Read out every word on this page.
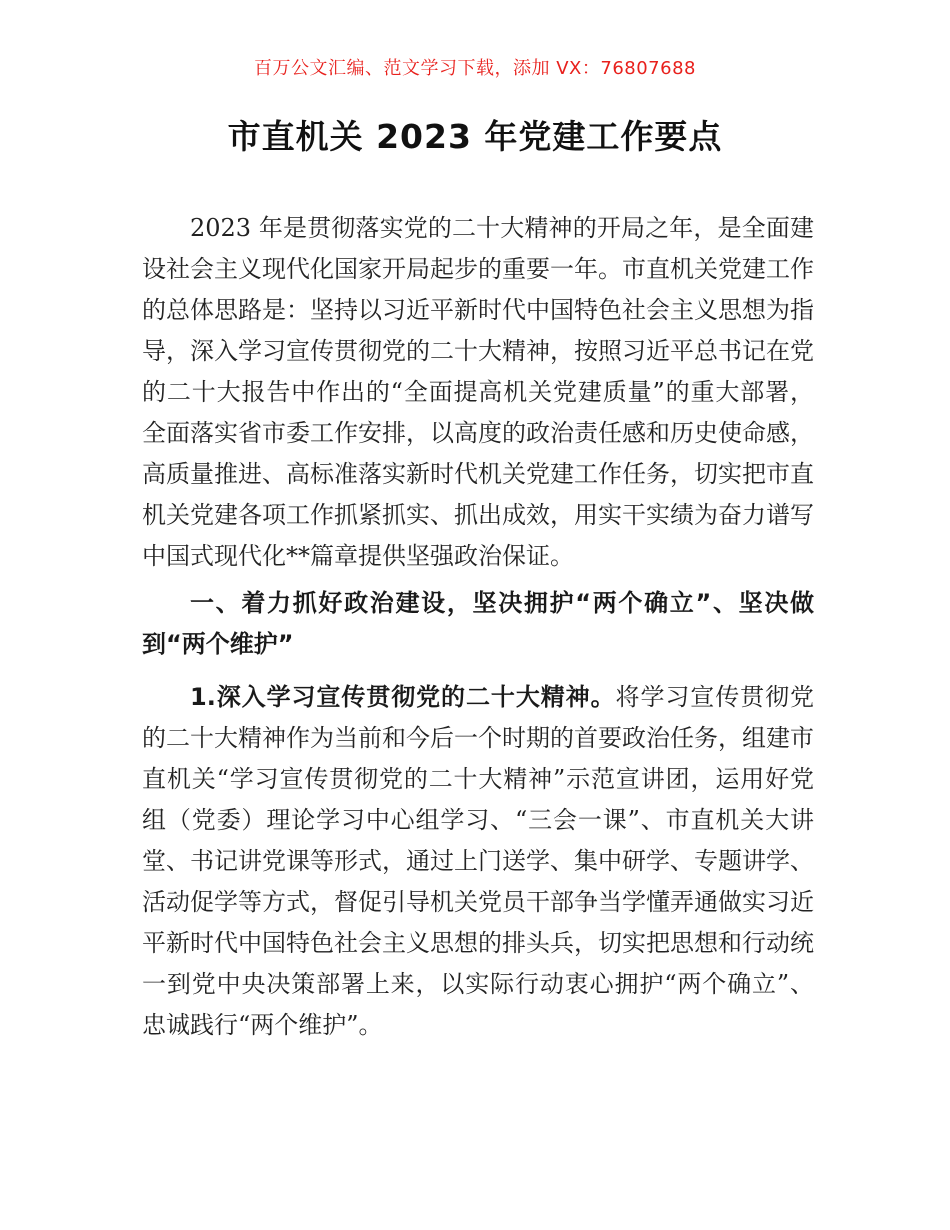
百万公文汇编、范文学习下载，添加 VX：76807688
市直机关 2023 年党建工作要点

2023 年是贯彻落实党的二十大精神的开局之年，是全面建设社会主义现代化国家开局起步的重要一年。市直机关党建工作的总体思路是：坚持以习近平新时代中国特色社会主义思想为指导，深入学习宣传贯彻党的二十大精神，按照习近平总书记在党的二十大报告中作出的“全面提高机关党建质量”的重大部署，全面落实省市委工作安排，以高度的政治责任感和历史使命感，高质量推进、高标准落实新时代机关党建工作任务，切实把市直机关党建各项工作抓紧抓实、抓出成效，用实干实绩为奋力谱写中国式现代化**篇章提供坚强政治保证。

一、着力抓好政治建设，坚决拥护“两个确立”、坚决做到“两个维护”

1.深入学习宣传贯彻党的二十大精神。将学习宣传贯彻党的二十大精神作为当前和今后一个时期的首要政治任务，组建市直机关“学习宣传贯彻党的二十大精神”示范宣讲团，运用好党组（党委）理论学习中心组学习、“三会一课”、市直机关大讲堂、书记讲党课等形式，通过上门送学、集中研学、专题讲学、活动促学等方式，督促引导机关党员干部争当学懂弄通做实习近平新时代中国特色社会主义思想的排头兵，切实把思想和行动统一到党中央决策部署上来，以实际行动衷心拥护“两个确立”、忠诚践行“两个维护”。
